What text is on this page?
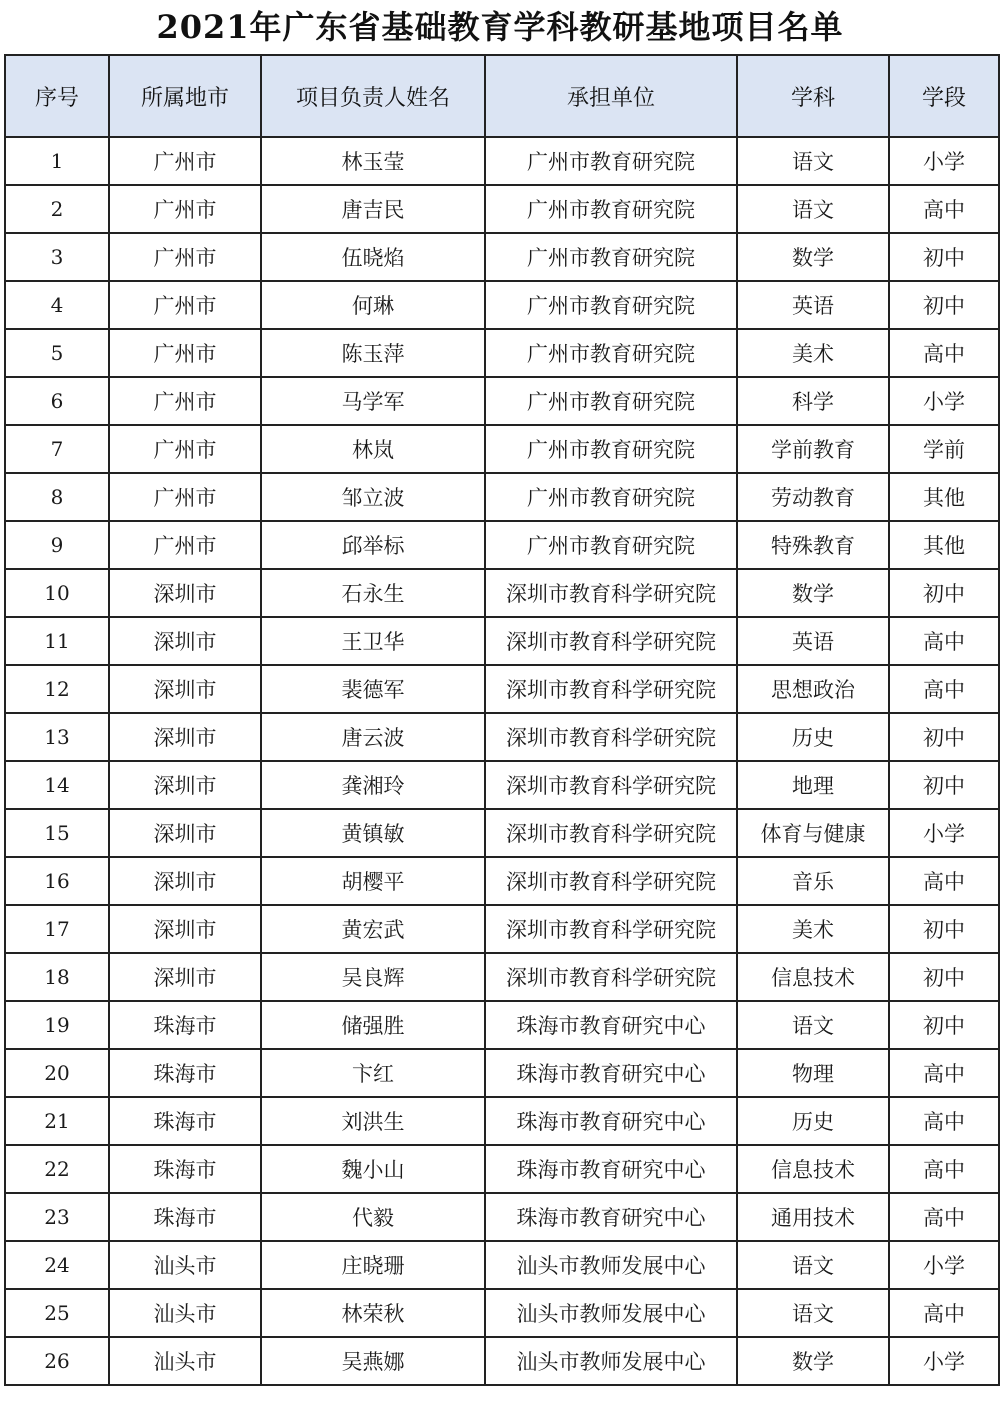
2021年广东省基础教育学科教研基地项目名单
序号	所属地市	项目负责人姓名	承担单位	学科	学段
1	广州市	林玉莹	广州市教育研究院	语文	小学
2	广州市	唐吉民	广州市教育研究院	语文	高中
3	广州市	伍晓焰	广州市教育研究院	数学	初中
4	广州市	何琳	广州市教育研究院	英语	初中
5	广州市	陈玉萍	广州市教育研究院	美术	高中
6	广州市	马学军	广州市教育研究院	科学	小学
7	广州市	林岚	广州市教育研究院	学前教育	学前
8	广州市	邹立波	广州市教育研究院	劳动教育	其他
9	广州市	邱举标	广州市教育研究院	特殊教育	其他
10	深圳市	石永生	深圳市教育科学研究院	数学	初中
11	深圳市	王卫华	深圳市教育科学研究院	英语	高中
12	深圳市	裴德军	深圳市教育科学研究院	思想政治	高中
13	深圳市	唐云波	深圳市教育科学研究院	历史	初中
14	深圳市	龚湘玲	深圳市教育科学研究院	地理	初中
15	深圳市	黄镇敏	深圳市教育科学研究院	体育与健康	小学
16	深圳市	胡樱平	深圳市教育科学研究院	音乐	高中
17	深圳市	黄宏武	深圳市教育科学研究院	美术	初中
18	深圳市	吴良辉	深圳市教育科学研究院	信息技术	初中
19	珠海市	储强胜	珠海市教育研究中心	语文	初中
20	珠海市	卞红	珠海市教育研究中心	物理	高中
21	珠海市	刘洪生	珠海市教育研究中心	历史	高中
22	珠海市	魏小山	珠海市教育研究中心	信息技术	高中
23	珠海市	代毅	珠海市教育研究中心	通用技术	高中
24	汕头市	庄晓珊	汕头市教师发展中心	语文	小学
25	汕头市	林荣秋	汕头市教师发展中心	语文	高中
26	汕头市	吴燕娜	汕头市教师发展中心	数学	小学
